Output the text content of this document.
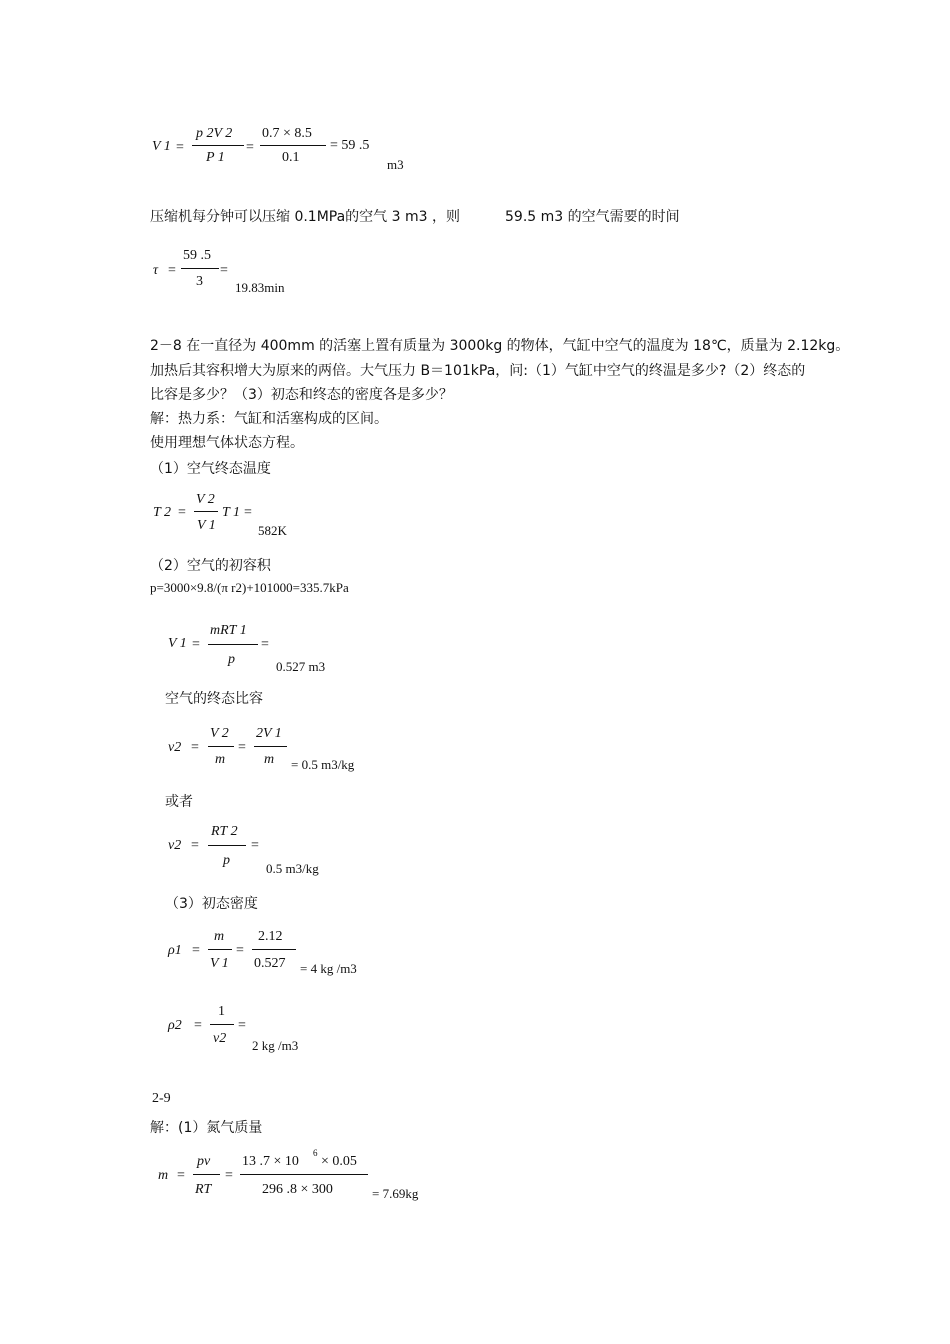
V 1 =
p 2V 2
P 1
=
0.7 × 8.5
0.1
= 59 .5
m3
压缩机每分钟可以压缩 0.1MPa的空气 3 m3 ，则	59.5 m3 的空气需要的时间
τ =
59 .5
3
=
19.83min
2－8 在一直径为 400mm 的活塞上置有质量为 3000kg 的物体，气缸中空气的温度为 18℃，质量为 2.12kg。
加热后其容积增大为原来的两倍。大气压力 B＝101kPa，问:（1）气缸中空气的终温是多少?（2）终态的
比容是多少？（3）初态和终态的密度各是多少？
解：热力系：气缸和活塞构成的区间。
使用理想气体状态方程。
（1）空气终态温度
T 2 =
V 2
V 1
T 1 =
582K
（2）空气的初容积
p=3000×9.8/(π r2)+101000=335.7kPa
V 1 =
mRT 1
p
=
0.527 m3
空气的终态比容
v2 =
V 2
m
=
2V 1
m = 0.5 m3/kg
或者
v2 =
RT 2
p
=
0.5 m3/kg
（3）初态密度
ρ1 =
m
V 1
=
2.12
0.527 = 4 kg /m3
ρ2 =
1
v2
=
2 kg /m3
2-9
解：(1）氮气质量
m =
pv
RT
=
13 .7 × 10
6
× 0.05
296 .8 × 300	= 7.69kg
